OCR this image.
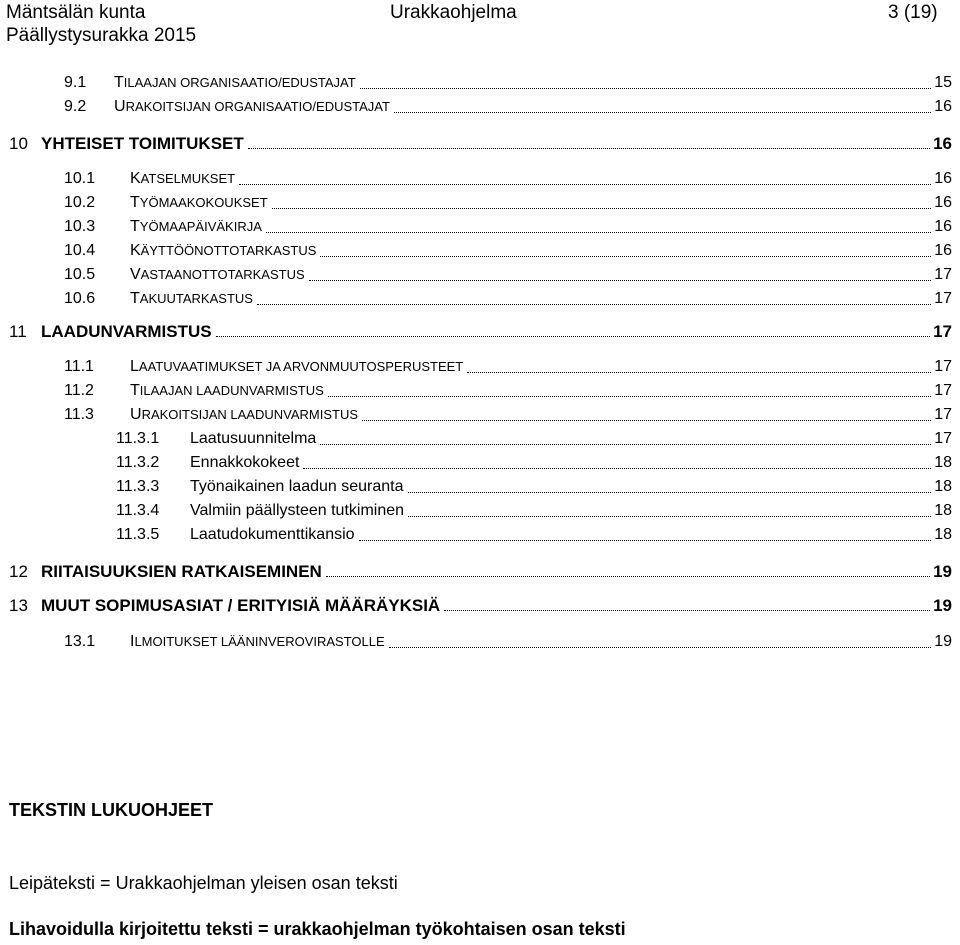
Mäntsälän kunta
Päällystysurakka 2015
Urakkaohjelma	3 (19)
9.1	TILAAJAN ORGANISAATIO/EDUSTAJAT	15
9.2	URAKOITSIJAN ORGANISAATIO/EDUSTAJAT	16
10 YHTEISET TOIMITUKSET	16
10.1	KATSELMUKSET	16
10.2	TYÖMAAKOKOUKSET	16
10.3	TYÖMAAPÄIVÄKIRJA	16
10.4	KÄYTTÖÖNOTTOTARKASTUS	16
10.5	VASTAANOTTOTARKASTUS	17
10.6	TAKUUTARKASTUS	17
11 LAADUNVARMISTUS	17
11.1	LAATUVAATIMUKSET JA ARVONMUUTOSPERUSTEET	17
11.2	TILAAJAN LAADUNVARMISTUS	17
11.3	URAKOITSIJAN LAADUNVARMISTUS	17
11.3.1	Laatusuunnitelma	17
11.3.2	Ennakkokokeet	18
11.3.3	Työnaikainen laadun seuranta	18
11.3.4	Valmiin päällysteen tutkiminen	18
11.3.5	Laatudokumenttikansio	18
12 RIITAISUUKSIEN RATKAISEMINEN	19
13 MUUT SOPIMUSASIAT / ERITYISIÄ MÄÄRÄYKSIÄ	19
13.1	ILMOITUKSET LÄÄNINVEROVIRASTOLLE	19
TEKSTIN LUKUOHJEET
Leipäteksti = Urakkaohjelman yleisen osan teksti
Lihavoidulla kirjoitettu teksti = urakkaohjelman työkohtaisen osan teksti
